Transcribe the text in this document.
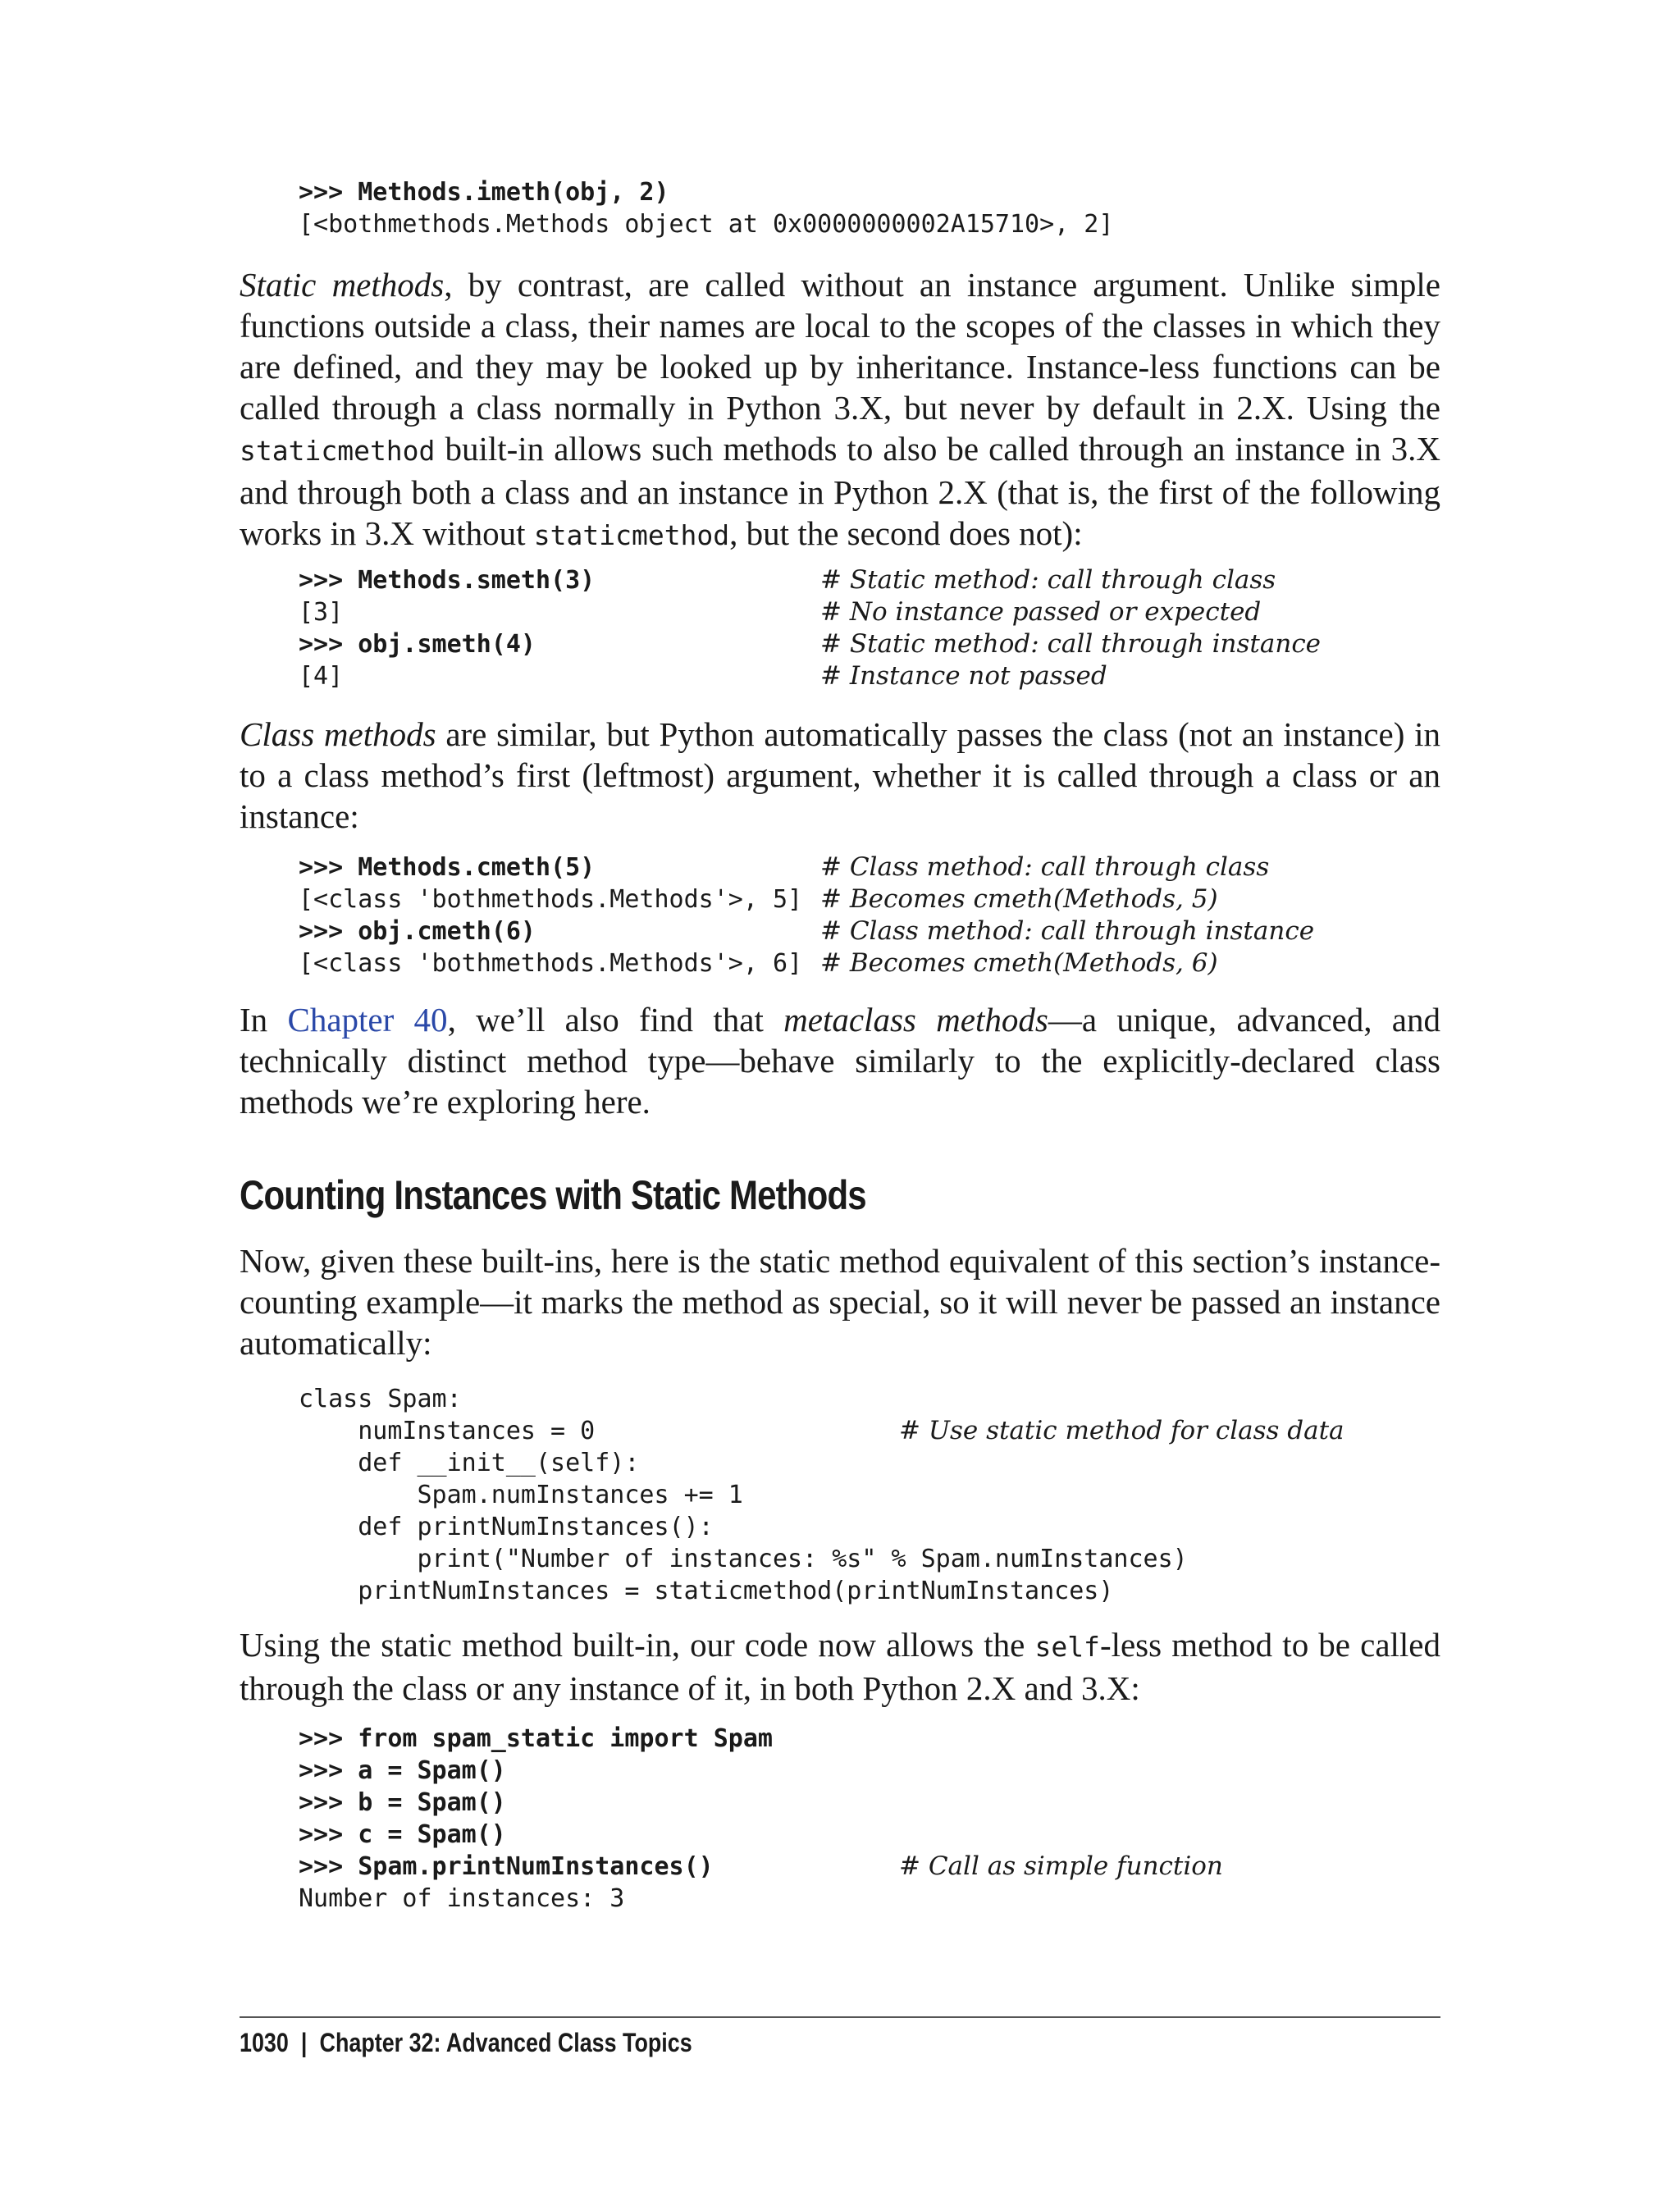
>>> Methods.imeth(obj, 2)
[<bothmethods.Methods object at 0x0000000002A15710>, 2]

Static methods, by contrast, are called without an instance argument. Unlike simple functions outside a class, their names are local to the scopes of the classes in which they are defined, and they may be looked up by inheritance. Instance-less functions can be called through a class normally in Python 3.X, but never by default in 2.X. Using the staticmethod built-in allows such methods to also be called through an instance in 3.X and through both a class and an instance in Python 2.X (that is, the first of the following works in 3.X without staticmethod, but the second does not):

>>> Methods.smeth(3)
[3]
>>> obj.smeth(4)
[4]
# Static method: call through class
# No instance passed or expected
# Static method: call through instance
# Instance not passed

Class methods are similar, but Python automatically passes the class (not an instance) in to a class method’s first (leftmost) argument, whether it is called through a class or an instance:

>>> Methods.cmeth(5)
[<class 'bothmethods.Methods'>, 5]
>>> obj.cmeth(6)
[<class 'bothmethods.Methods'>, 6]
# Class method: call through class
# Becomes cmeth(Methods, 5)
# Class method: call through instance
# Becomes cmeth(Methods, 6)

In Chapter 40, we’ll also find that metaclass methods—a unique, advanced, and technically distinct method type—behave similarly to the explicitly-declared class methods we’re exploring here.

Counting Instances with Static Methods

Now, given these built-ins, here is the static method equivalent of this section’s instance-counting example—it marks the method as special, so it will never be passed an instance automatically:

class Spam:
numInstances = 0
def __init__(self):
Spam.numInstances += 1
def printNumInstances():
print("Number of instances: %s" % Spam.numInstances)
printNumInstances = staticmethod(printNumInstances)
# Use static method for class data

Using the static method built-in, our code now allows the self-less method to be called through the class or any instance of it, in both Python 2.X and 3.X:

>>> from spam_static import Spam
>>> a = Spam()
>>> b = Spam()
>>> c = Spam()
>>> Spam.printNumInstances()
Number of instances: 3
# Call as simple function
1030 | Chapter 32: Advanced Class Topics
